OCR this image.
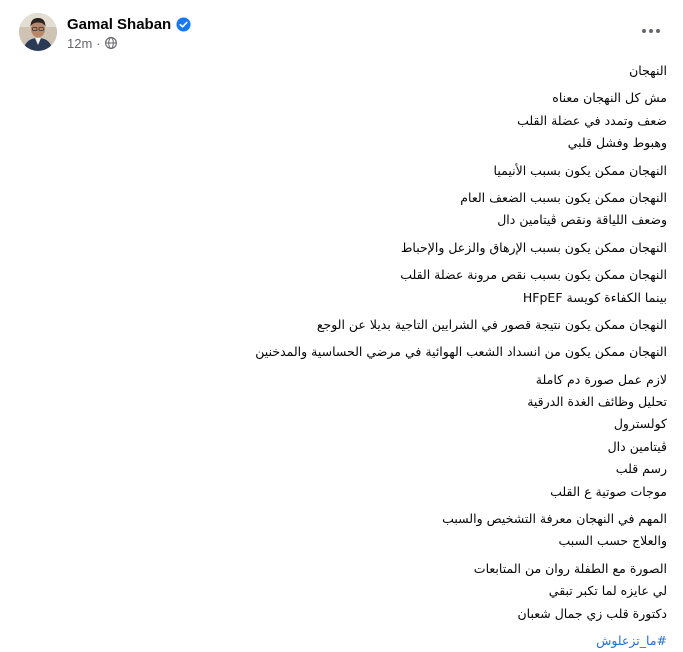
Gamal Shaban
12m ·
النهجان
مش كل النهجان معناه
ضعف وتمدد في عضلة القلب
وهبوط وفشل قلبي
النهجان ممكن يكون بسبب الأنيميا
النهجان ممكن يكون بسبب الضعف العام
وضعف اللياقة ونقص ڤيتامين دال
النهجان ممكن يكون بسبب الإرهاق والزعل والإحباط
النهجان ممكن يكون بسبب نقص مرونة عضلة القلب
بينما الكفاءة كويسة HFpEF
النهجان ممكن يكون نتيجة قصور في الشرايين التاجية بديلا عن الوجع
النهجان ممكن يكون من انسداد الشعب الهوائية في مرضي الحساسية والمدخنين
لازم عمل صورة دم كاملة
تحليل وظائف الغدة الدرقية
كولسترول
ڤيتامين دال
رسم قلب
موجات صوتية ع القلب
المهم في النهجان معرفة التشخيص والسبب
والعلاج حسب السبب
الصورة مع الطفلة روان من المتابعات
لي عايزه لما تكبر تبقي
دكتورة قلب زي جمال شعبان
#ما_تزعلوش
